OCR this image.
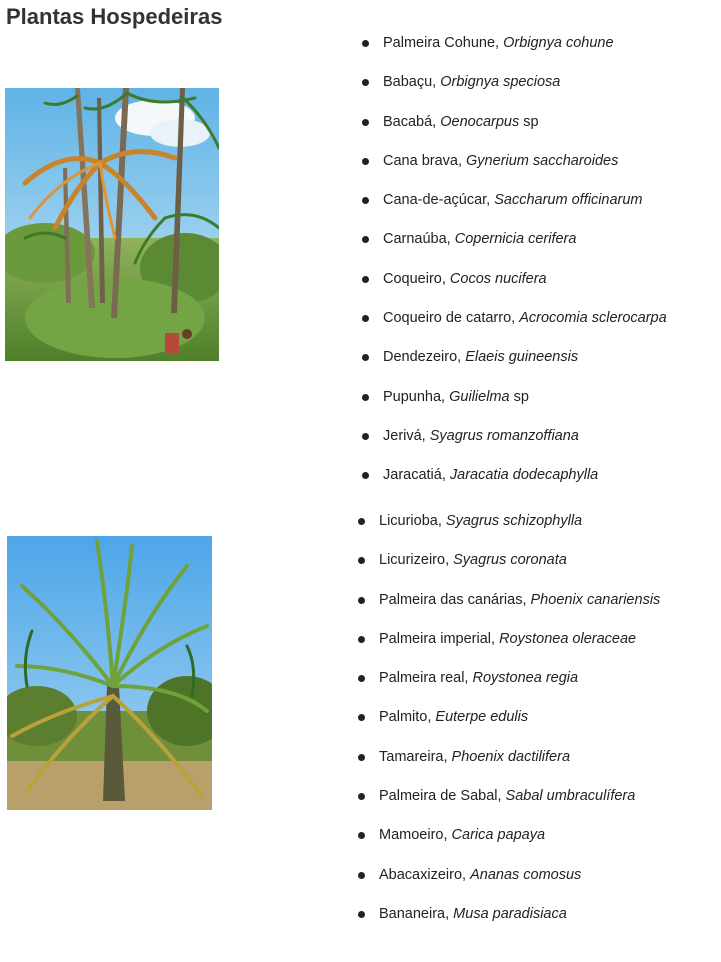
Plantas Hospedeiras
Palmeira Cohune, Orbignya cohune
Babaçu, Orbignya speciosa
Bacabá, Oenocarpus sp
Cana brava, Gynerium saccharoides
Cana-de-açúcar, Saccharum officinarum
Carnaúba, Copernicia cerifera
Coqueiro, Cocos nucifera
Coqueiro de catarro, Acrocomia sclerocarpa
Dendezeiro, Elaeis guineensis
Pupunha, Guilielma sp
Jerivá, Syagrus romanzoffiana
Jaracatiá, Jaracatia dodecaphylla
Licurioba, Syagrus schizophylla
Licurizeiro, Syagrus coronata
Palmeira das canárias, Phoenix canariensis
Palmeira imperial, Roystonea oleraceae
Palmeira real, Roystonea regia
Palmito, Euterpe edulis
Tamareira, Phoenix dactilifera
Palmeira de Sabal, Sabal umbraculífera
Mamoeiro, Carica papaya
Abacaxizeiro, Ananas comosus
Bananeira, Musa paradisiaca
